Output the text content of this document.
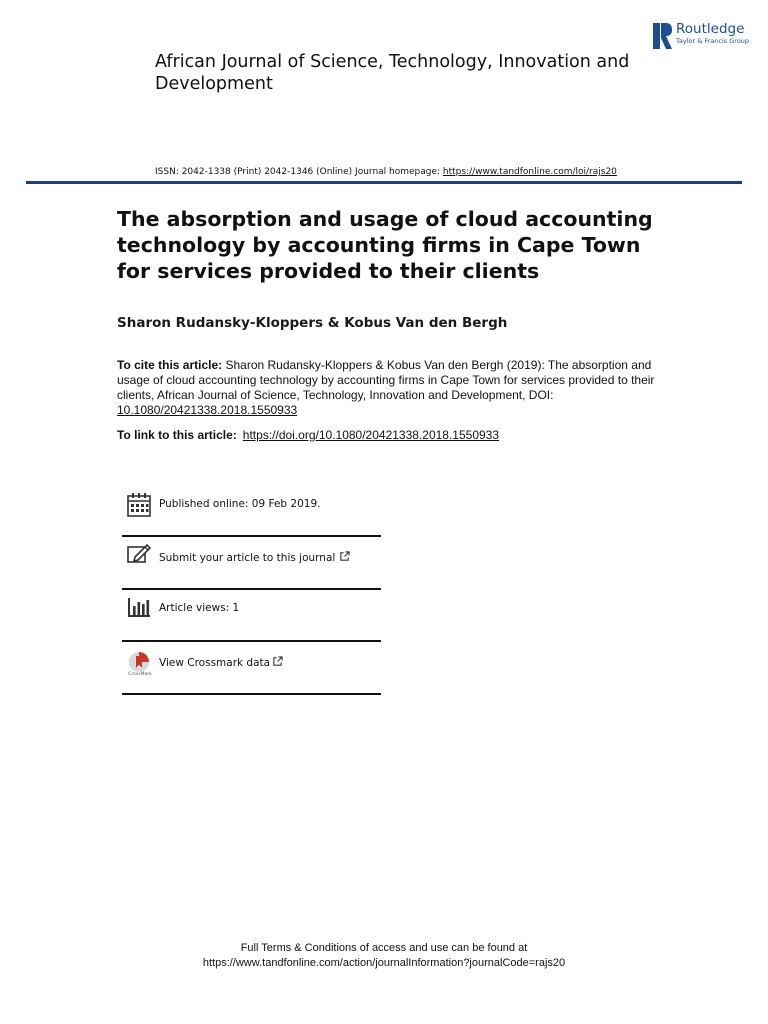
African Journal of Science, Technology, Innovation and Development
Routledge
Taylor & Francis Group
ISSN: 2042-1338 (Print) 2042-1346 (Online) Journal homepage: https://www.tandfonline.com/loi/rajs20
The absorption and usage of cloud accounting technology by accounting firms in Cape Town for services provided to their clients
Sharon Rudansky-Kloppers & Kobus Van den Bergh
To cite this article: Sharon Rudansky-Kloppers & Kobus Van den Bergh (2019): The absorption and usage of cloud accounting technology by accounting firms in Cape Town for services provided to their clients, African Journal of Science, Technology, Innovation and Development, DOI: 10.1080/20421338.2018.1550933
To link to this article: https://doi.org/10.1080/20421338.2018.1550933
Published online: 09 Feb 2019.
Submit your article to this journal
Article views: 1
CrossMark
View Crossmark data
Full Terms & Conditions of access and use can be found at
https://www.tandfonline.com/action/journalInformation?journalCode=rajs20
